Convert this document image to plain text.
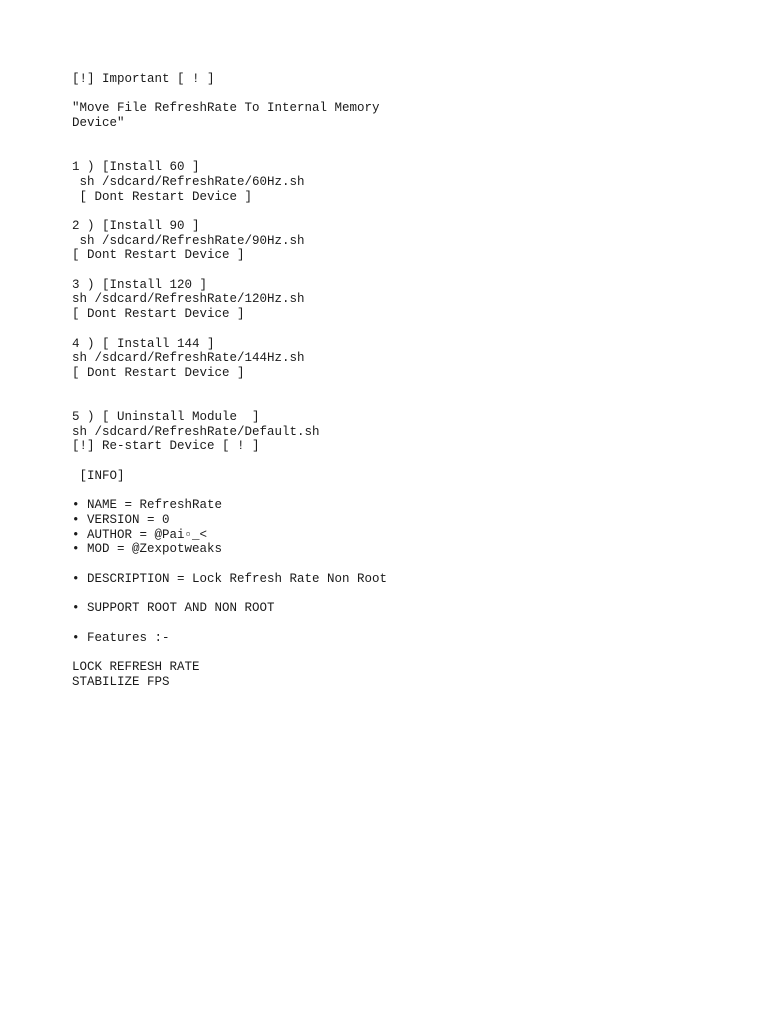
[!] Important [ ! ]
"Move File RefreshRate To Internal Memory
Device"
1 ) [Install 60 ]
sh /sdcard/RefreshRate/60Hz.sh
[ Dont Restart Device ]
2 ) [Install 90 ]
sh /sdcard/RefreshRate/90Hz.sh
[ Dont Restart Device ]
3 ) [Install 120 ]
sh /sdcard/RefreshRate/120Hz.sh
[ Dont Restart Device ]
4 ) [ Install 144 ]
sh /sdcard/RefreshRate/144Hz.sh
[ Dont Restart Device ]
5 ) [ Uninstall Module  ]
sh /sdcard/RefreshRate/Default.sh
[!] Re-start Device [ ! ]
[INFO]
• NAME = RefreshRate
• VERSION = 0
• AUTHOR = @Pai▫_<
• MOD = @Zexpotweaks
• DESCRIPTION = Lock Refresh Rate Non Root
• SUPPORT ROOT AND NON ROOT
• Features :-
LOCK REFRESH RATE
STABILIZE FPS
